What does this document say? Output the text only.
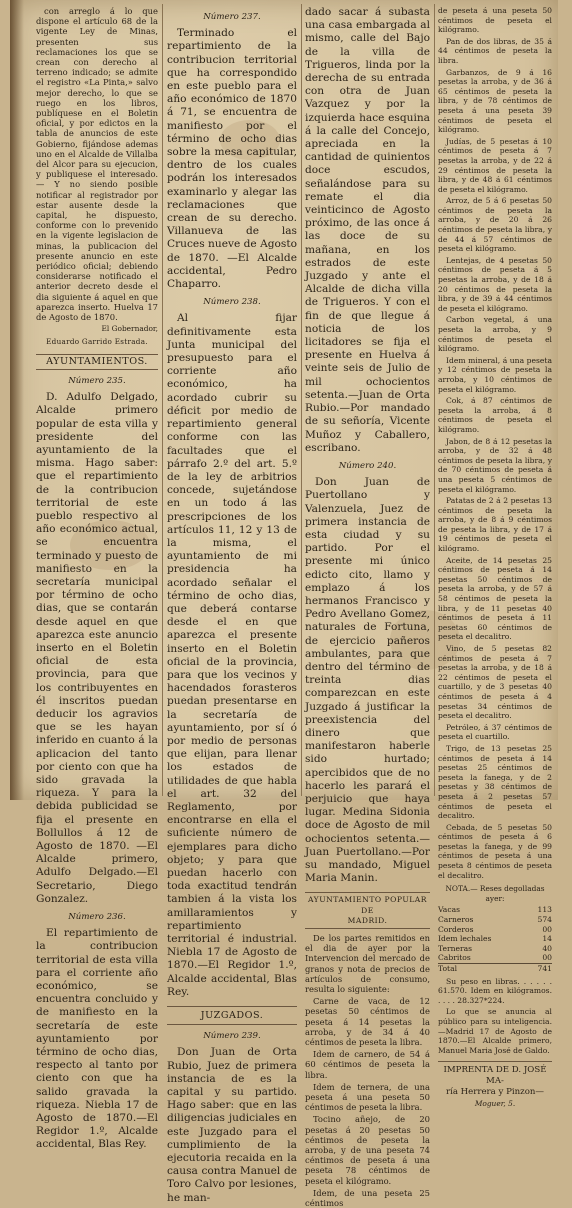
con arreglo á lo que dispone el artículo 68 de la vigente Ley de Minas, presenten sus reclamaciones los que se crean con derecho al terreno indicado; se admite el registro «La Pinta,» salvo mejor derecho, lo que se ruego en los libros, publíquese en el Boletin oficial, y por edictos en la tabla de anuncios de este Gobierno, fijándose ademas uno en el Alcalde de Villalba del Alcor para su ejecucion, y publiquese el interesado.— Y no siendo posible notificar al registrador por estar ausente desde la capital, he dispuesto, conforme con lo prevenido en la vigente legislacion de minas, la publicacion del presente anuncio en este periódico oficial; debiendo considerarse notificado el anterior decreto desde el dia siguiente á aquel en que aparezca inserto. Huelva 17 de Agosto de 1870.

El Gobernador,
Eduardo Garrido Estrada.
AYUNTAMIENTOS.
Número 235.

D. Adulfo Delgado, Alcalde primero popular de esta villa y presidente del ayuntamiento de la misma. Hago saber: que el repartimiento de la contribucion territorial de este pueblo respectivo al año económico actual, se encuentra terminado y puesto de manifiesto en la secretaría municipal por término de ocho dias, que se contarán desde aquel en que aparezca este anuncio inserto en el Boletin oficial de esta provincia, para que los contribuyentes en él inscritos puedan deducir los agravios que se les hayan inferido en cuanto á la aplicacion del tanto por ciento con que ha sido gravada la riqueza. Y para la debida publicidad se fija el presente en Bollullos á 12 de Agosto de 1870. —El Alcalde primero, Adulfo Delgado.—El Secretario, Diego Gonzalez.

Número 236.

El repartimiento de la contribucion territorial de esta villa para el corriente año económico, se encuentra concluido y de manifiesto en la secretaría de este ayuntamiento por término de ocho dias, respecto al tanto por ciento con que ha salido gravada la riqueza. Niebla 17 de Agosto de 1870.—El Regidor 1.º, Alcalde accidental, Blas Rey.

Número 237.

Terminado el repartimiento de la contribucion territorial que ha correspondido en este pueblo para el año económico de 1870 á 71, se encuentra de manifiesto por el término de ocho dias sobre la mesa capitular, dentro de los cuales podrán los interesados examinarlo y alegar las reclamaciones que crean de su derecho. Villanueva de las Cruces nueve de Agosto de 1870. —El Alcalde accidental, Pedro Chaparro.

Número 238.

Al fijar definitivamente esta Junta municipal del presupuesto para el corriente año económico, ha acordado cubrir su déficit por medio de repartimiento general conforme con las facultades que el párrafo 2.º del art. 5.º de la ley de arbitrios concede, sujetándose en un todo á las prescripciones de los artículos 11, 12 y 13 de la misma, el ayuntamiento de mi presidencia ha acordado señalar el término de ocho dias, que deberá contarse desde el en que aparezca el presente inserto en el Boletin oficial de la provincia, para que los vecinos y hacendados forasteros puedan presentarse en la secretaría de ayuntamiento, por sí ó por medio de personas que elijan, para llenar los estados de utilidades de que habla el art. 32 del Reglamento, por encontrarse en ella el suficiente número de ejemplares para dicho objeto; y para que puedan hacerlo con toda exactitud tendrán tambien á la vista los amillaramientos y repartimiento territorial é industrial. Niebla 17 de Agosto de 1870.—El Regidor 1.º, Alcalde accidental, Blas Rey.

JUZGADOS.
Número 239.

Don Juan de Orta Rubio, Juez de primera instancia de es la capital y su partido. Hago saber: que en las diligencias judiciales en este Juzgado para el cumplimiento de la ejecutoria recaida en la causa contra Manuel de Toro Calvo por lesiones, he man-

dado sacar á subasta una casa embargada al mismo, calle del Bajo de la villa de Trigueros, linda por la derecha de su entrada con otra de Juan Vazquez y por la izquierda hace esquina á la calle del Concejo, apreciada en la cantidad de quinientos doce escudos, señalándose para su remate el dia veinticinco de Agosto próximo, de las once á las doce de su mañana, en los estrados de este Juzgado y ante el Alcalde de dicha villa de Trigueros. Y con el fin de que llegue á noticia de los licitadores se fija el presente en Huelva á veinte seis de Julio de mil ochocientos setenta.—Juan de Orta Rubio.—Por mandado de su señoría, Vicente Muñoz y Caballero, escribano.

Número 240.

Don Juan de Puertollano y Valenzuela, Juez de primera instancia de esta ciudad y su partido. Por el presente mi único edicto cito, llamo y emplazo á los hermanos Francisco y Pedro Avellano Gomez, naturales de Fortuna, de ejercicio pañeros ambulantes, para que dentro del término de treinta dias comparezcan en este Juzgado á justificar la preexistencia del dinero que manifestaron haberle sido hurtado; apercibidos que de no hacerlo les parará el perjuicio que haya lugar. Medina Sidonia doce de Agosto de mil ochocientos setenta.—Juan Puertollano.—Por su mandado, Miguel Maria Manin.

AYUNTAMIENTO POPULAR DE
MADRID.

De los partes remitidos en el dia de ayer por la Intervencion del mercado de granos y nota de precios de artículos de consumo, resulta lo siguiente:

Carne de vaca, de 12 pesetas 50 céntimos de peseta á 14 pesetas la arroba, y de 34 á 40 céntimos de peseta la libra.

Idem de carnero, de 54 á 60 céntimos de peseta la libra.

Idem de ternera, de una peseta á una peseta 50 céntimos de peseta la libra.

Tocino añejo, de 20 pesetas á 20 pesetas 50 céntimos de peseta la arroba, y de una peseta 74 céntimos de peseta á una peseta 78 céntimos de peseta el kilógramo.

Idem, de una peseta 25 céntimos

de peseta á una peseta 50 céntimos de peseta el kilógramo.

Pan de dos libras, de 35 á 44 céntimos de peseta la libra.

Garbanzos, de 9 á 16 pesetas la arroba, y de 36 á 65 céntimos de peseta la libra, y de 78 céntimos de peseta á una peseta 39 céntimos de peseta el kilógramo.

Judías, de 5 pesetas á 10 céntimos de peseta á 7 pesetas la arroba, y de 22 á 29 céntimos de peseta la libra, y de 48 á 61 céntimos de peseta el kilógramo.

Arroz, de 5 á 6 pesetas 50 céntimos de peseta la arroba, y de 20 á 26 céntimos de peseta la libra, y de 44 á 57 céntimos de peseta el kilógramo.

Lentejas, de 4 pesetas 50 céntimos de peseta á 5 pesetas la arroba, y de 18 á 20 céntimos de peseta la libra, y de 39 á 44 céntimos de peseta el kilógramo.

Carbon vegetal, á una peseta la arroba, y 9 céntimos de peseta el kilógramo.

Idem mineral, á una peseta y 12 céntimos de peseta la arroba, y 10 céntimos de peseta el kilógramo.

Cok, á 87 céntimos de peseta la arroba, á 8 céntimos de peseta el kilógramo.

Jabon, de 8 á 12 pesetas la arroba, y de 32 á 48 céntimos de peseta la libra, y de 70 céntimos de peseta á una peseta 5 céntimos de peseta el kilógramo.

Patatas de 2 á 2 pesetas 13 céntimos de peseta la arroba, y de 8 á 9 céntimos de peseta la libra, y de 17 á 19 céntimos de peseta el kilógramo.

Aceite, de 14 pesetas 25 céntimos de peseta á 14 pesetas 50 céntimos de peseta la arroba, y de 57 á 58 céntimos de peseta la libra, y de 11 pesetas 40 céntimos de peseta á 11 pesetas 60 céntimos de peseta el decalitro.

Vino, de 5 pesetas 82 céntimos de peseta á 7 pesetas la arroba, y de 18 á 22 céntimos de peseta el cuartillo, y de 3 pesetas 40 céntimos de peseta á 4 pesetas 34 céntimos de peseta el decalitro.

Petróleo, á 37 céntimos de peseta el cuartillo.

Trigo, de 13 pesetas 25 céntimos de peseta á 14 pesetas 25 céntimos de peseta la fanega, y de 2 pesetas y 38 céntimos de peseta á 2 pesetas 57 céntimos de peseta el decalitro.

Cebada, de 5 pesetas 50 céntimos de peseta á 6 pesetas la fanega, y de 99 céntimos de peseta á una peseta 8 céntimos de peseta el decalitro.

NOTA.— Reses degolladas ayer:
Vacas	113
Carneros	574
Corderos	00
Idem lechales	14
Terneras	40
Cabritos	00
Total	741

Su peso en libras. . . . . . 61.570. Idem en kilógramos. . . . . 28.327*224.

Lo que se anuncia al público para su inteligencia.—Madrid 17 de Agosto de 1870.—El Alcalde primero, Manuel Maria José de Galdo.

IMPRENTA DE D. JOSÉ MA-
ría Herrera y Pinzon—
Moguer, 5.
